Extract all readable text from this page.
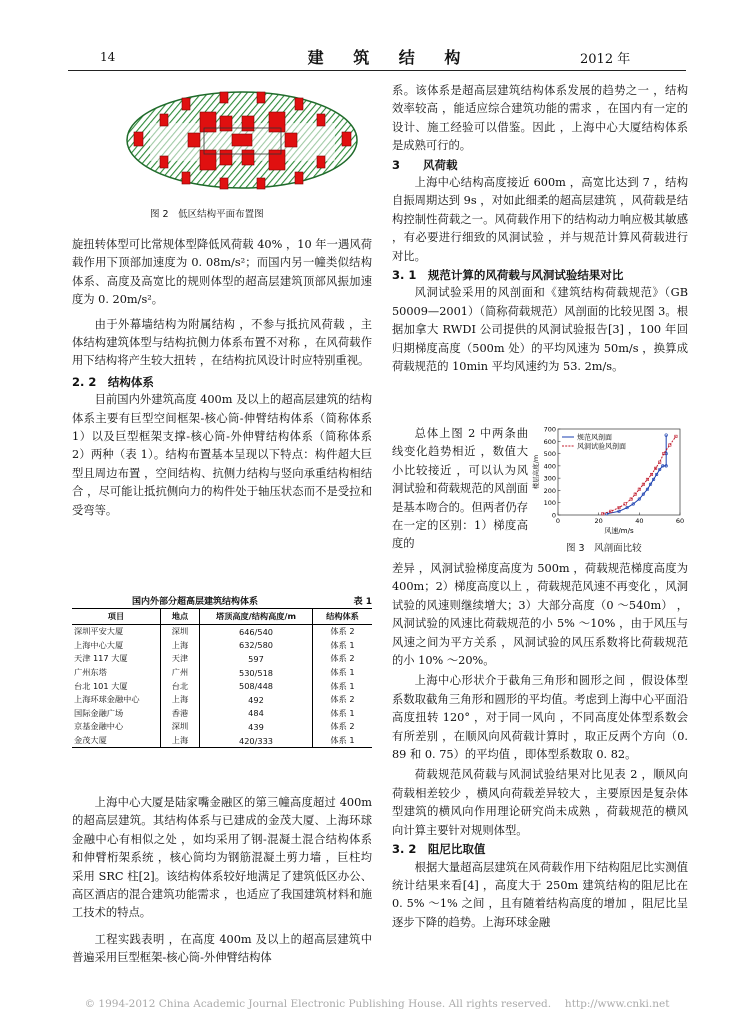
14	建 筑 结 构	2012 年
图 2　低区结构平面布置图

旋扭转体型可比常规体型降低风荷载 40% ，10 年一遇风荷载作用下顶部加速度为 0. 08m/s²；而国内另一幢类似结构体系、高度及高宽比的规则体型的超高层建筑顶部风振加速度为 0. 20m/s²。

由于外幕墙结构为附属结构 ，不参与抵抗风荷载 ，主体结构建筑体型与结构抗侧力体系布置不对称 ，在风荷载作用下结构将产生较大扭转 ，在结构抗风设计时应特别重视。

2. 2　结构体系

目前国内外建筑高度 400m 及以上的超高层建筑的结构体系主要有巨型空间框架-核心筒-伸臂结构体系（简称体系 1）以及巨型框架支撑-核心筒-外伸臂结构体系（简称体系 2）两种（表 1）。结构布置基本呈现以下特点：构件超大巨型且周边布置 ，空间结构、抗侧力结构与竖向承重结构相结合 ，尽可能让抵抗侧向力的构件处于轴压状态而不是受拉和受弯等。

国内外部分超高层建筑结构体系	表 1
项目	地点	塔顶高度/结构高度/m	结构体系
深圳平安大厦	深圳	646/540	体系 2
上海中心大厦	上海	632/580	体系 1
天津 117 大厦	天津	597	体系 2
广州东塔	广州	530/518	体系 1
台北 101 大厦	台北	508/448	体系 1
上海环球金融中心	上海	492	体系 2
国际金融广场	香港	484	体系 1
京基金融中心	深圳	439	体系 2
金茂大厦	上海	420/333	体系 1

上海中心大厦是陆家嘴金融区的第三幢高度超过 400m 的超高层建筑。其结构体系与已建成的金茂大厦、上海环球金融中心有相似之处 ，如均采用了钢-混凝土混合结构体系和伸臂桁架系统 ，核心筒均为钢筋混凝土剪力墙 ，巨柱均采用 SRC 柱[2]。该结构体系较好地满足了建筑低区办公、高区酒店的混合建筑功能需求 ，也适应了我国建筑材料和施工技术的特点。

工程实践表明 ，在高度 400m 及以上的超高层建筑中普遍采用巨型框架-核心筒-外伸臂结构体

系。该体系是超高层建筑结构体系发展的趋势之一 ，结构效率较高 ，能适应综合建筑功能的需求 ，在国内有一定的设计、施工经验可以借鉴。因此 ，上海中心大厦结构体系是成熟可行的。

3　　风荷载

上海中心结构高度接近 600m ，高宽比达到 7 ，结构自振周期达到 9s ，对如此细柔的超高层建筑 ，风荷载是结构控制性荷载之一。风荷载作用下的结构动力响应极其敏感 ，有必要进行细致的风洞试验 ，并与规范计算风荷载进行对比。

3. 1　规范计算的风荷载与风洞试验结果对比

风洞试验采用的风剖面和《建筑结构荷载规范》（GB 50009—2001）（简称荷载规范）风剖面的比较见图 3。根据加拿大 RWDI 公司提供的风洞试验报告[3] ，100 年回归期梯度高度（500m 处）的平均风速为 50m/s ，换算成荷载规范的 10min 平均风速约为 53. 2m/s。

总体上图 2 中两条曲线变化趋势相近 ，数值大小比较接近 ，可以认为风洞试验和荷载规范的风剖面是基本吻合的。但两者仍存在一定的区别：1）梯度高度的

0
100
200
300
400
500
600
700
0	20	40	60
风速/m/s
楼层高度/m
规范风剖面
风洞试验风剖面
图 3　风剖面比较

差异 ，风洞试验梯度高度为 500m ，荷载规范梯度高度为 400m；2）梯度高度以上 ，荷载规范风速不再变化 ，风洞试验的风速则继续增大；3）大部分高度（0 ～540m） ，风洞试验的风速比荷载规范的小 5% ～10% ，由于风压与风速之间为平方关系 ，风洞试验的风压系数将比荷载规范的小 10% ～20%。

上海中心形状介于截角三角形和圆形之间 ，假设体型系数取截角三角形和圆形的平均值。考虑到上海中心平面沿高度扭转 120° ，对于同一风向 ，不同高度处体型系数会有所差别 ，在顺风向风荷载计算时 ，取正反两个方向（0. 89 和 0. 75）的平均值 ，即体型系数取 0. 82。

荷载规范风荷载与风洞试验结果对比见表 2 ，顺风向荷载相差较少 ，横风向荷载差异较大 ，主要原因是复杂体型建筑的横风向作用理论研究尚未成熟 ，荷载规范的横风向计算主要针对规则体型。

3. 2　阻尼比取值

根据大量超高层建筑在风荷载作用下结构阻尼比实测值统计结果来看[4] ，高度大于 250m 建筑结构的阻尼比在 0. 5% ～1% 之间 ，且有随着结构高度的增加 ，阻尼比呈逐步下降的趋势。上海环球金融

© 1994-2012 China Academic Journal Electronic Publishing House. All rights reserved.　 http://www.cnki.net
